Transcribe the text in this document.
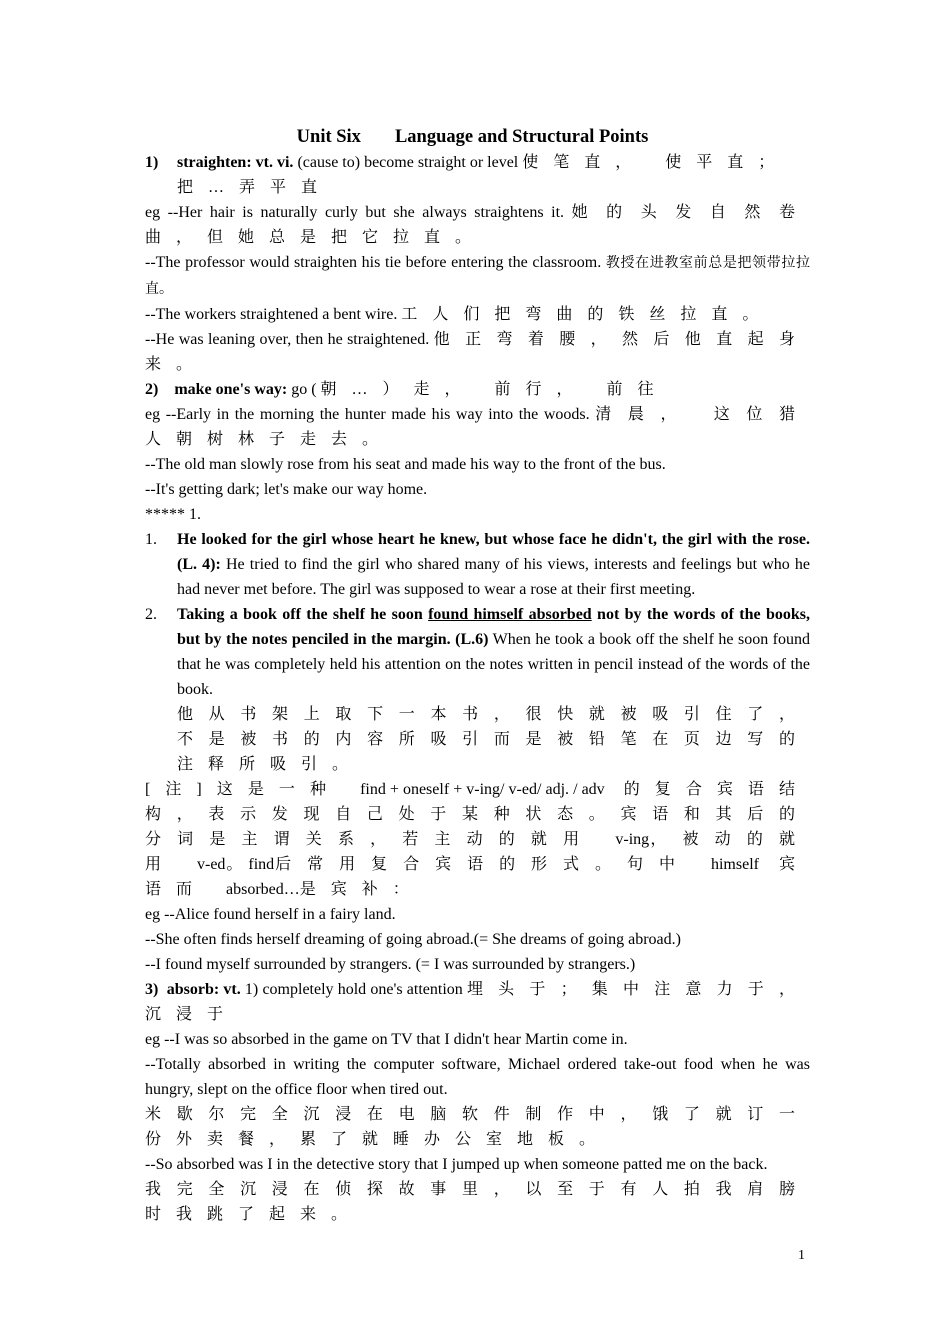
Unit Six Language and Structural Points
1) straighten: vt. vi. (cause to) become straight or level 使笔直， 使平直；
把…弄平直
eg --Her hair is naturally curly but she always straightens it. 她的头发自然卷曲，但她总是把它拉直。
--The professor would straighten his tie before entering the classroom. 教授在进教室前总是把领带拉拉直。
--The workers straightened a bent wire. 工人们把弯曲的铁丝拉直。
--He was leaning over, then he straightened. 他正弯着腰，然后他直起身来。
2) make one's way: go ( 朝…）走， 前行， 前往
eg --Early in the morning the hunter made his way into the woods. 清晨， 这位猎人朝树林子走去。
--The old man slowly rose from his seat and made his way to the front of the bus.
--It's getting dark; let's make our way home.
***** 1.
1. He looked for the girl whose heart he knew, but whose face he didn't, the girl with the rose. (L. 4): He tried to find the girl who shared many of his views, interests and feelings but who he had never met before. The girl was supposed to wear a rose at their first meeting.
2. Taking a book off the shelf he soon found himself absorbed not by the words of the books, but by the notes penciled in the margin. (L.6) When he took a book off the shelf he soon found that he was completely held his attention on the notes written in pencil instead of the words of the book.
他从书架上取下一本书，很快就被吸引住了，不是被书的内容所吸引而是被铅笔在页边写的注释所吸引。
[注]这是一种 find + oneself + v-ing/ v-ed/ adj. / adv 的复合宾语结构，表示发现自己处于某种状态。宾语和其后的分词是主谓关系，若主动的就用 v-ing，被动的就用 v-ed。 find后常用复合宾语的形式。句中 himself 宾语而 absorbed…是宾补：
eg --Alice found herself in a fairy land.
--She often finds herself dreaming of going abroad.(= She dreams of going abroad.)
--I found myself surrounded by strangers. (= I was surrounded by strangers.)
3) absorb: vt. 1) completely hold one's attention 埋头于；集中注意力于，沉浸于
eg --I was so absorbed in the game on TV that I didn't hear Martin come in.
--Totally absorbed in writing the computer software, Michael ordered take-out food when he was hungry, slept on the office floor when tired out.
米歇尔完全沉浸在电脑软件制作中，饿了就订一份外卖餐，累了就睡办公室地板。
--So absorbed was I in the detective story that I jumped up when someone patted me on the back.
我完全沉浸在侦探故事里，以至于有人拍我肩膀时我跳了起来。
1
